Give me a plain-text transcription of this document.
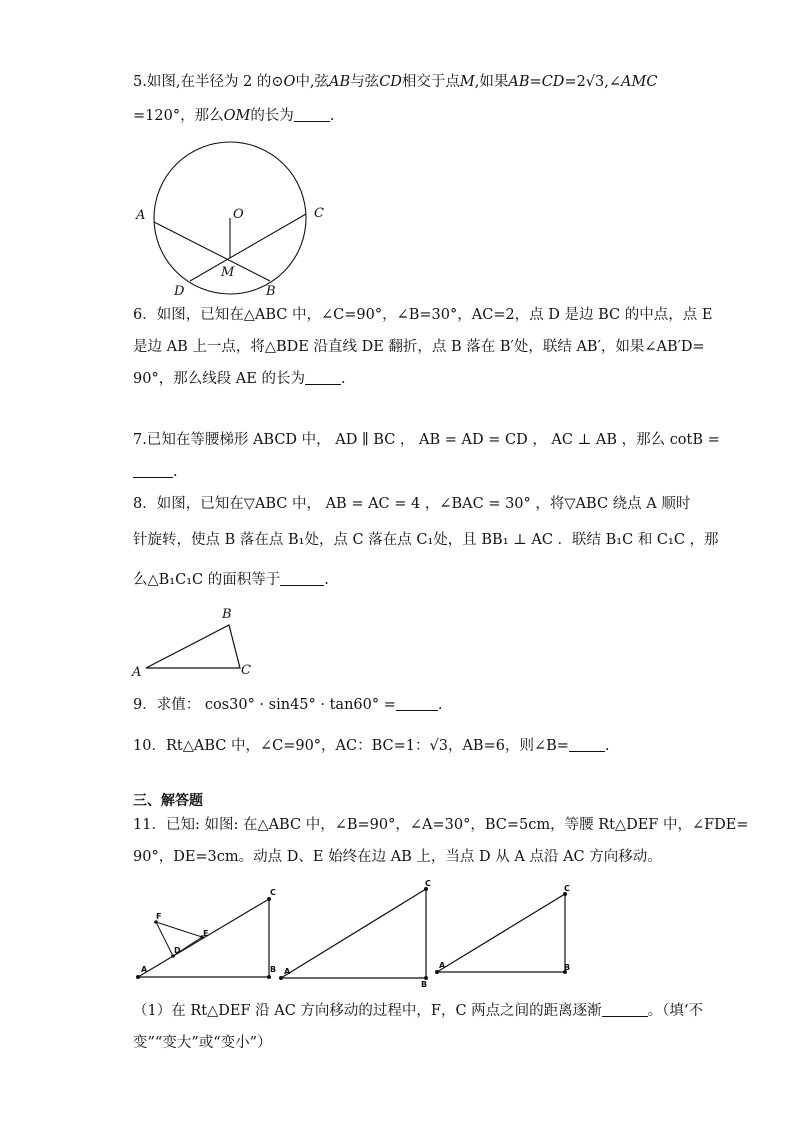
5.如图,在半径为 2 的⊙O中,弦AB与弦CD相交于点M,如果AB=CD=2√3,∠AMC
=120°，那么OM的长为 .
A	O	C
M
D	B
6．如图，已知在△ABC 中，∠C=90°，∠B=30°，AC=2，点 D 是边 BC 的中点，点 E
是边 AB 上一点，将△BDE 沿直线 DE 翻折，点 B 落在 B′处，联结 AB′，如果∠AB′D=
90°，那么线段 AE 的长为 .
7.已知在等腰梯形 ABCD 中， AD ∥ BC ， AB = AD = CD ， AC ⊥ AB ，那么 cotB =
.
8．如图，已知在▽ABC 中， AB = AC = 4 ，∠BAC = 30° ，将▽ABC 绕点 A 顺时
针旋转，使点 B 落在点 B₁处，点 C 落在点 C₁处，且 BB₁ ⊥ AC ．联结 B₁C 和 C₁C ，那
么△B₁C₁C 的面积等于	.
A
B
C
9．求值： cos30° · sin45° · tan60° =	.
10．Rt△ABC 中，∠C=90°，AC：BC=1：√3，AB=6，则∠B= .
三、解答题
11．已知: 如图: 在△ABC 中，∠B=90°，∠A=30°，BC=5cm，等腰 Rt△DEF 中，∠FDE=
90°，DE=3cm。动点 D、E 始终在边 AB 上，当点 D 从 A 点沿 AC 方向移动。
A	B
C
D
E
F
A
B
C
A	B
C
（1）在 Rt△DEF 沿 AC 方向移动的过程中，F，C 两点之间的距离逐渐	。（填‘不
变”“变大”或“变小”）
